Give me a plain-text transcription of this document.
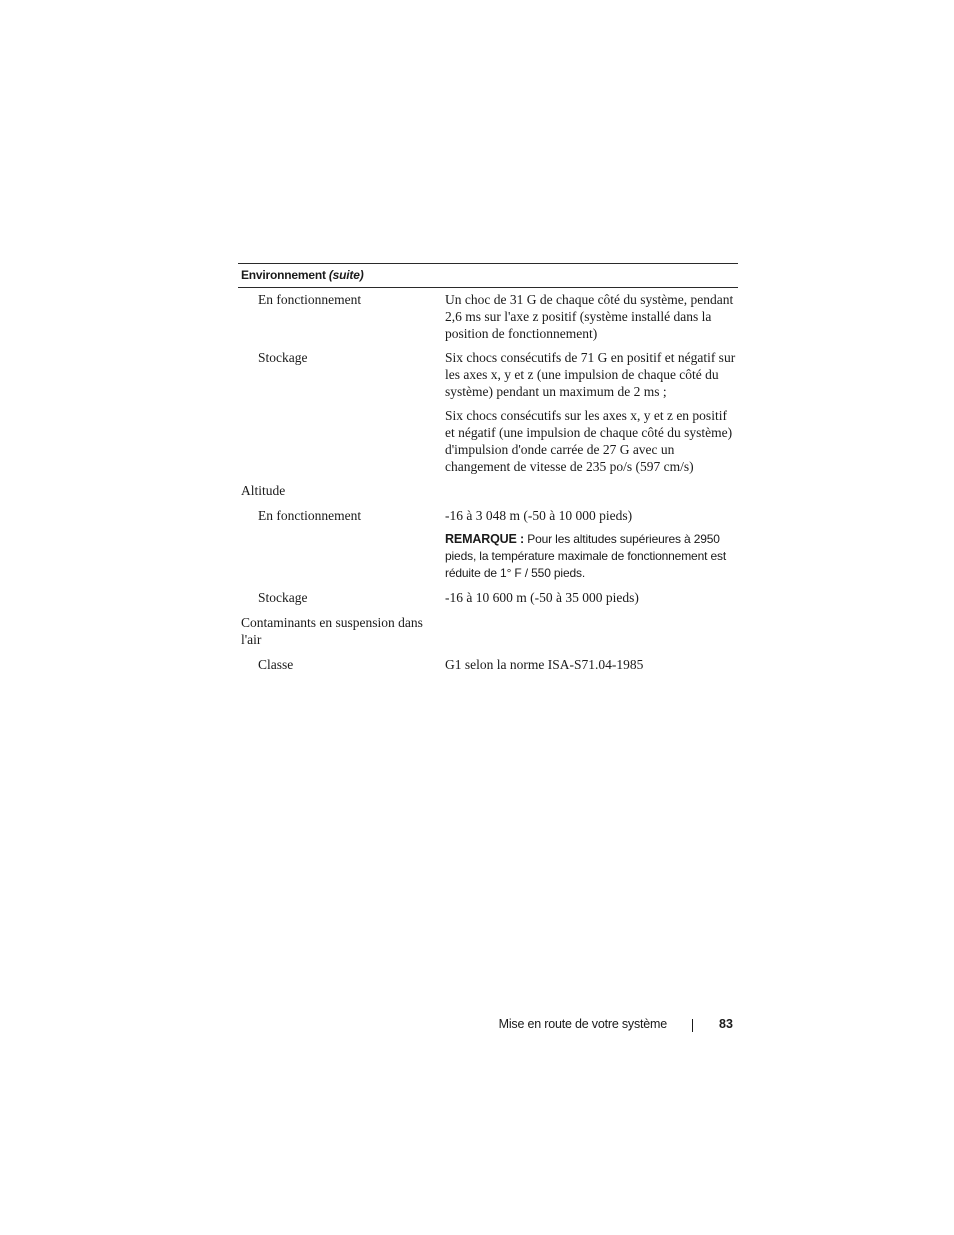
Environnement (suite)
En fonctionnement	Un choc de 31 G de chaque côté du système, pendant 2,6 ms sur l'axe z positif (système installé dans la position de fonctionnement)

Stockage	Six chocs consécutifs de 71 G en positif et négatif sur les axes x, y et z (une impulsion de chaque côté du système) pendant un maximum de 2 ms ;

Six chocs consécutifs sur les axes x, y et z en positif et négatif (une impulsion de chaque côté du système) d'impulsion d'onde carrée de 27 G avec un changement de vitesse de 235 po/s (597 cm/s)

Altitude
En fonctionnement	-16 à 3 048 m (-50 à 10 000 pieds)

REMARQUE : Pour les altitudes supérieures à 2950 pieds, la température maximale de fonctionnement est réduite de 1° F / 550 pieds.

Stockage	-16 à 10 600 m (-50 à 35 000 pieds)
Contaminants en suspension dans l'air
Classe	G1 selon la norme ISA-S71.04-1985
Mise en route de votre système	83
